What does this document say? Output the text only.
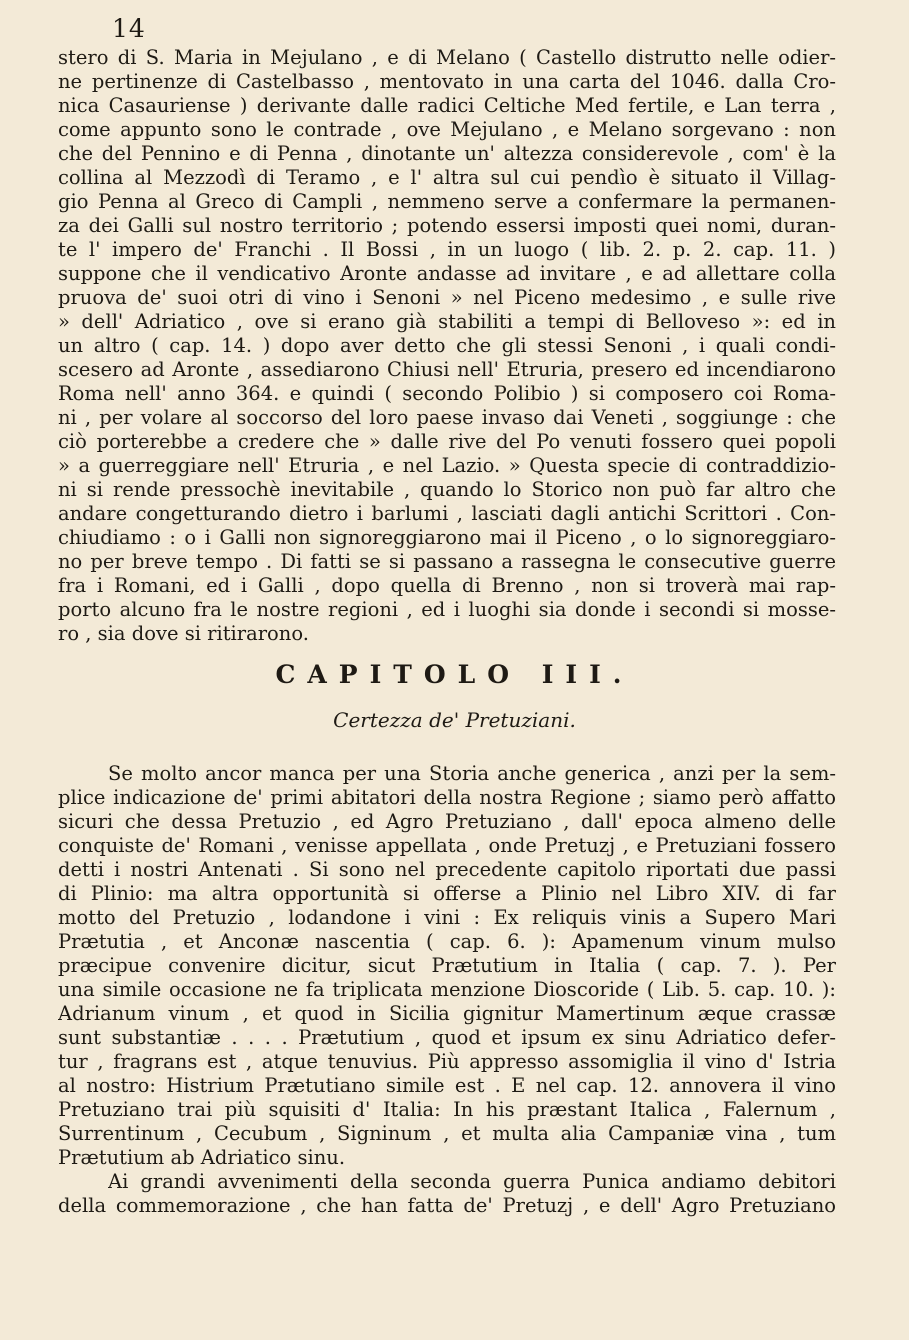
14
stero di S. Maria in Mejulano , e di Melano ( Castello distrutto nelle odier-
ne pertinenze di Castelbasso , mentovato in una carta del 1046. dalla Cro-
nica Casauriense ) derivante dalle radici Celtiche Med fertile, e Lan terra ,
come appunto sono le contrade , ove Mejulano , e Melano sorgevano : non
che del Pennino e di Penna , dinotante un' altezza considerevole , com' è la
collina al Mezzodì di Teramo , e l' altra sul cui pendìo è situato il Villag-
gio Penna al Greco di Campli , nemmeno serve a confermare la permanen-
za dei Galli sul nostro territorio ; potendo essersi imposti quei nomi, duran-
te l' impero de' Franchi . Il Bossi , in un luogo ( lib. 2. p. 2. cap. 11. )
suppone che il vendicativo Aronte andasse ad invitare , e ad allettare colla
pruova de' suoi otri di vino i Senoni » nel Piceno medesimo , e sulle rive
» dell' Adriatico , ove si erano già stabiliti a tempi di Belloveso »: ed in
un altro ( cap. 14. ) dopo aver detto che gli stessi Senoni , i quali condi-
scesero ad Aronte , assediarono Chiusi nell' Etruria, presero ed incendiarono
Roma nell' anno 364. e quindi ( secondo Polibio ) si composero coi Roma-
ni , per volare al soccorso del loro paese invaso dai Veneti , soggiunge : che
ciò porterebbe a credere che » dalle rive del Po venuti fossero quei popoli
» a guerreggiare nell' Etruria , e nel Lazio. » Questa specie di contraddizio-
ni si rende pressochè inevitabile , quando lo Storico non può far altro che
andare congetturando dietro i barlumi , lasciati dagli antichi Scrittori . Con-
chiudiamo : o i Galli non signoreggiarono mai il Piceno , o lo signoreggiaro-
no per breve tempo . Di fatti se si passano a rassegna le consecutive guerre
fra i Romani, ed i Galli , dopo quella di Brenno , non si troverà mai rap-
porto alcuno fra le nostre regioni , ed i luoghi sia donde i secondi si mosse-
ro , sia dove si ritirarono.
CAPITOLO III.
Certezza de' Pretuziani.
Se molto ancor manca per una Storia anche generica , anzi per la sem-
plice indicazione de' primi abitatori della nostra Regione ; siamo però affatto
sicuri che dessa Pretuzio , ed Agro Pretuziano , dall' epoca almeno delle
conquiste de' Romani , venisse appellata , onde Pretuzj , e Pretuziani fossero
detti i nostri Antenati . Si sono nel precedente capitolo riportati due passi
di Plinio: ma altra opportunità si offerse a Plinio nel Libro XIV. di far
motto del Pretuzio , lodandone i vini : Ex reliquis vinis a Supero Mari
Prætutia , et Anconæ nascentia ( cap. 6. ): Apamenum vinum mulso
præcipue convenire dicitur, sicut Prætutium in Italia ( cap. 7. ). Per
una simile occasione ne fa triplicata menzione Dioscoride ( Lib. 5. cap. 10. ):
Adrianum vinum , et quod in Sicilia gignitur Mamertinum æque crassæ
sunt substantiæ . . . . Prætutium , quod et ipsum ex sinu Adriatico defer-
tur , fragrans est , atque tenuvius. Più appresso assomiglia il vino d' Istria
al nostro: Histrium Prætutiano simile est . E nel cap. 12. annovera il vino
Pretuziano trai più squisiti d' Italia: In his præstant Italica , Falernum ,
Surrentinum , Cecubum , Signinum , et multa alia Campaniæ vina , tum
Prætutium ab Adriatico sinu.
Ai grandi avvenimenti della seconda guerra Punica andiamo debitori
della commemorazione , che han fatta de' Pretuzj , e dell' Agro Pretuziano
